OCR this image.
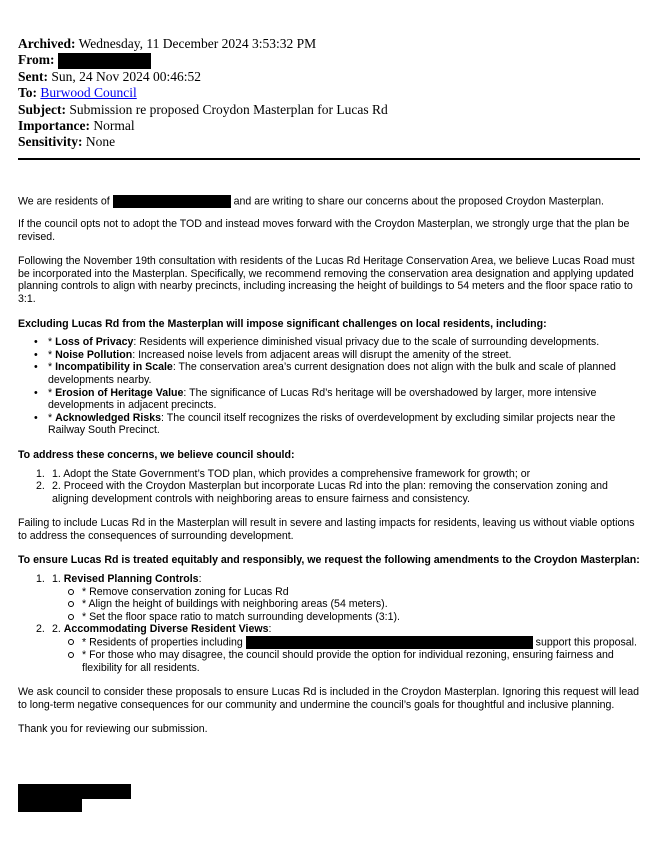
Archived: Wednesday, 11 December 2024 3:53:32 PM
From:
Sent: Sun, 24 Nov 2024 00:46:52
To: Burwood Council
Subject: Submission re proposed Croydon Masterplan for Lucas Rd
Importance: Normal
Sensitivity: None

We are residents of	and are writing to share our concerns about the proposed Croydon Masterplan.

If the council opts not to adopt the TOD and instead moves forward with the Croydon Masterplan, we strongly urge that the plan be revised.

Following the November 19th consultation with residents of the Lucas Rd Heritage Conservation Area, we believe Lucas Road must be incorporated into the Masterplan. Specifically, we recommend removing the conservation area designation and applying updated planning controls to align with nearby precincts, including increasing the height of buildings to 54 meters and the floor space ratio to 3:1.

Excluding Lucas Rd from the Masterplan will impose significant challenges on local residents, including:

• * Loss of Privacy: Residents will experience diminished visual privacy due to the scale of surrounding developments.
• * Noise Pollution: Increased noise levels from adjacent areas will disrupt the amenity of the street.
• * Incompatibility in Scale: The conservation area’s current designation does not align with the bulk and scale of planned developments nearby.
• * Erosion of Heritage Value: The significance of Lucas Rd’s heritage will be overshadowed by larger, more intensive developments in adjacent precincts.
• * Acknowledged Risks: The council itself recognizes the risks of overdevelopment by excluding similar projects near the Railway South Precinct.

To address these concerns, we believe council should:

1. 1. Adopt the State Government’s TOD plan, which provides a comprehensive framework for growth; or
2. 2. Proceed with the Croydon Masterplan but incorporate Lucas Rd into the plan: removing the conservation zoning and aligning development controls with neighboring areas to ensure fairness and consistency.

Failing to include Lucas Rd in the Masterplan will result in severe and lasting impacts for residents, leaving us without viable options to address the consequences of surrounding development.

To ensure Lucas Rd is treated equitably and responsibly, we request the following amendments to the Croydon Masterplan:

1. 1. Revised Planning Controls:
* Remove conservation zoning for Lucas Rd
* Align the height of buildings with neighboring areas (54 meters).
* Set the floor space ratio to match surrounding developments (3:1).
2. 2. Accommodating Diverse Resident Views:
* Residents of properties including	support this proposal.
* For those who may disagree, the council should provide the option for individual rezoning, ensuring fairness and flexibility for all residents.

We ask council to consider these proposals to ensure Lucas Rd is included in the Croydon Masterplan. Ignoring this request will lead to long-term negative consequences for our community and undermine the council’s goals for thoughtful and inclusive planning.

Thank you for reviewing our submission.
